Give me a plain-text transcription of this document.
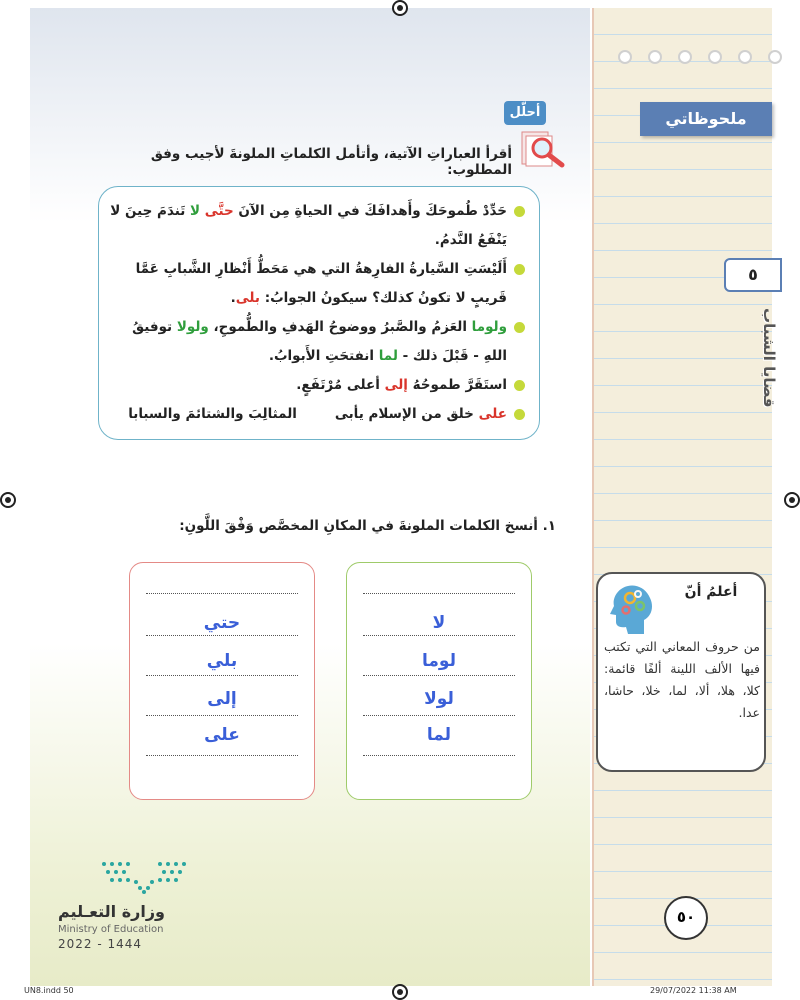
ملحوظاتي
٥
قضايا الشباب
أحلّل
أقرأ العباراتِ الآتية، وأتأمل الكلماتِ الملونةَ لأجيب وفق المطلوب:
حَدِّدْ طُموحَكَ وأَهدافَكَ في الحياةِ مِن الآنَ حتَّى لا تَندَمَ حِينَ لا يَنْفَعُ النَّدمُ.
أَلَيْسَتِ السَّيارةُ الفارِهةُ التي هي مَحَطُّ أَنْظارِ الشَّبابِ عَمَّا قَريبٍ لا تكونُ كذلك؟ سيكونُ الجوابُ: بلى.
ولوما العَزمُ والصَّبرُ ووضوحُ الهَدفِ والطُّموحِ، ولولا توفيقُ اللهِ - قَبْلَ ذلك - لما انفتحَتِ الأَبوابُ.
استَقَرَّ طموحُهُ إلى أعلى مُرْتَفَعٍ.
على خلق من الإسلام يأبىالمثالِبَ والشتائمَ والسبابا
١. أنسخ الكلمات الملونةَ في المكانِ المخصَّص وَفْقَ اللَّونِ:
لا
لوما
لولا
لما
حتي
بلي
إلى
على
أعلمُ أنّ
من حروف المعاني التي تكتب فيها الألف اللينة ألفًا قائمة: كلا، هلا، ألا، لما، خلا، حاشا، عدا.
٥٠
وزارة التعـليم
Ministry of Education
2022 - 1444
UN8.indd 50	29/07/2022 11:38 AM
